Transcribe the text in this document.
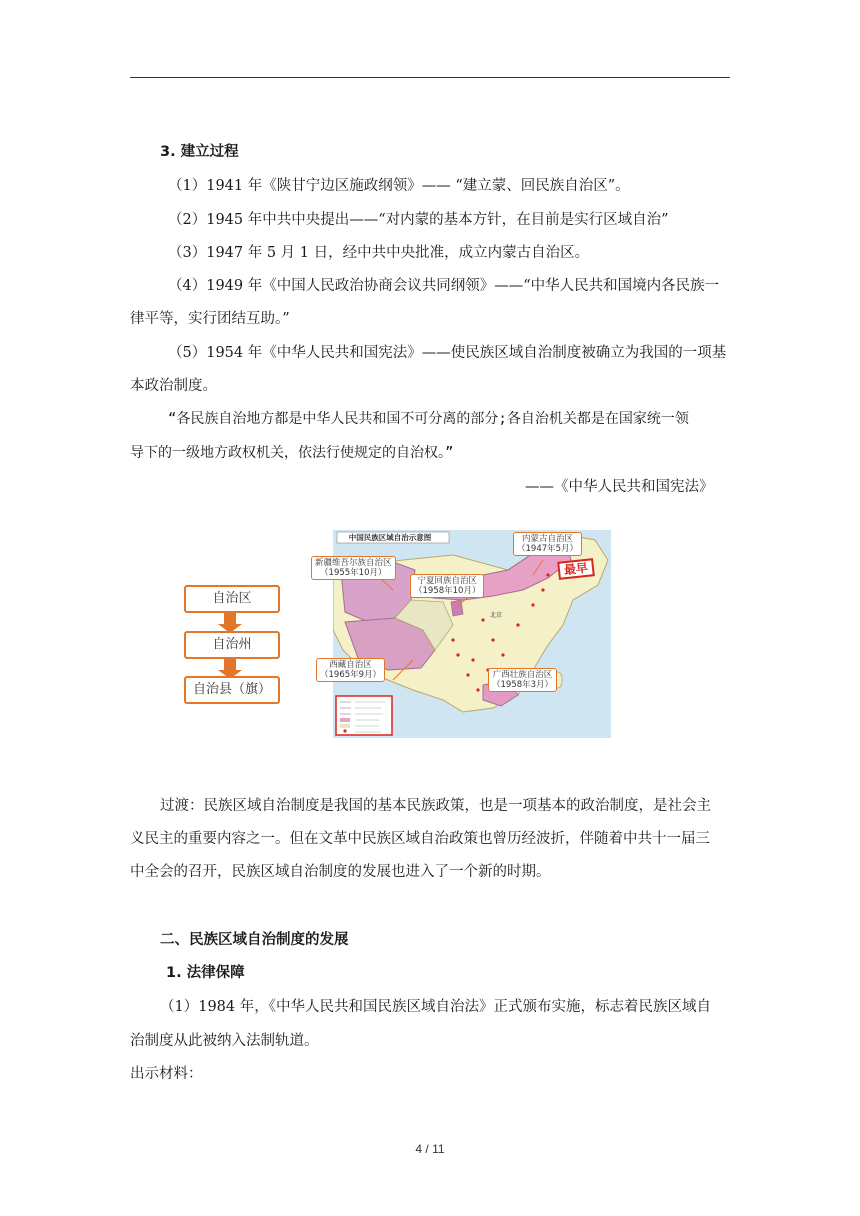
3. 建立过程
（1）1941 年《陕甘宁边区施政纲领》—— “建立蒙、回民族自治区”。
（2）1945 年中共中央提出——“对内蒙的基本方针，在目前是实行区域自治”
（3）1947 年 5 月 1 日，经中共中央批准，成立内蒙古自治区。
（4）1949 年《中国人民政治协商会议共同纲领》——“中华人民共和国境内各民族一
律平等，实行团结互助。”
（5）1954 年《中华人民共和国宪法》——使民族区域自治制度被确立为我国的一项基
本政治制度。
“各民族自治地方都是中华人民共和国不可分离的部分;各自治机关都是在国家统一领
导下的一级地方政权机关，依法行使规定的自治权。”
——《中华人民共和国宪法》
自治区
自治州
自治县（旗）
中国民族区域自治示意图
新疆维吾尔族自治区
（1955年10月）
宁夏回族自治区
（1958年10月）
内蒙古自治区
（1947年5月）
西藏自治区
（1965年9月）	广西壮族自治区
（1958年3月）
最早
北京
过渡：民族区域自治制度是我国的基本民族政策，也是一项基本的政治制度，是社会主
义民主的重要内容之一。但在文革中民族区域自治政策也曾历经波折，伴随着中共十一届三
中全会的召开，民族区域自治制度的发展也进入了一个新的时期。
二、民族区域自治制度的发展
1. 法律保障
（1）1984 年，《中华人民共和国民族区域自治法》正式颁布实施，标志着民族区域自
治制度从此被纳入法制轨道。
出示材料：
4 / 11
